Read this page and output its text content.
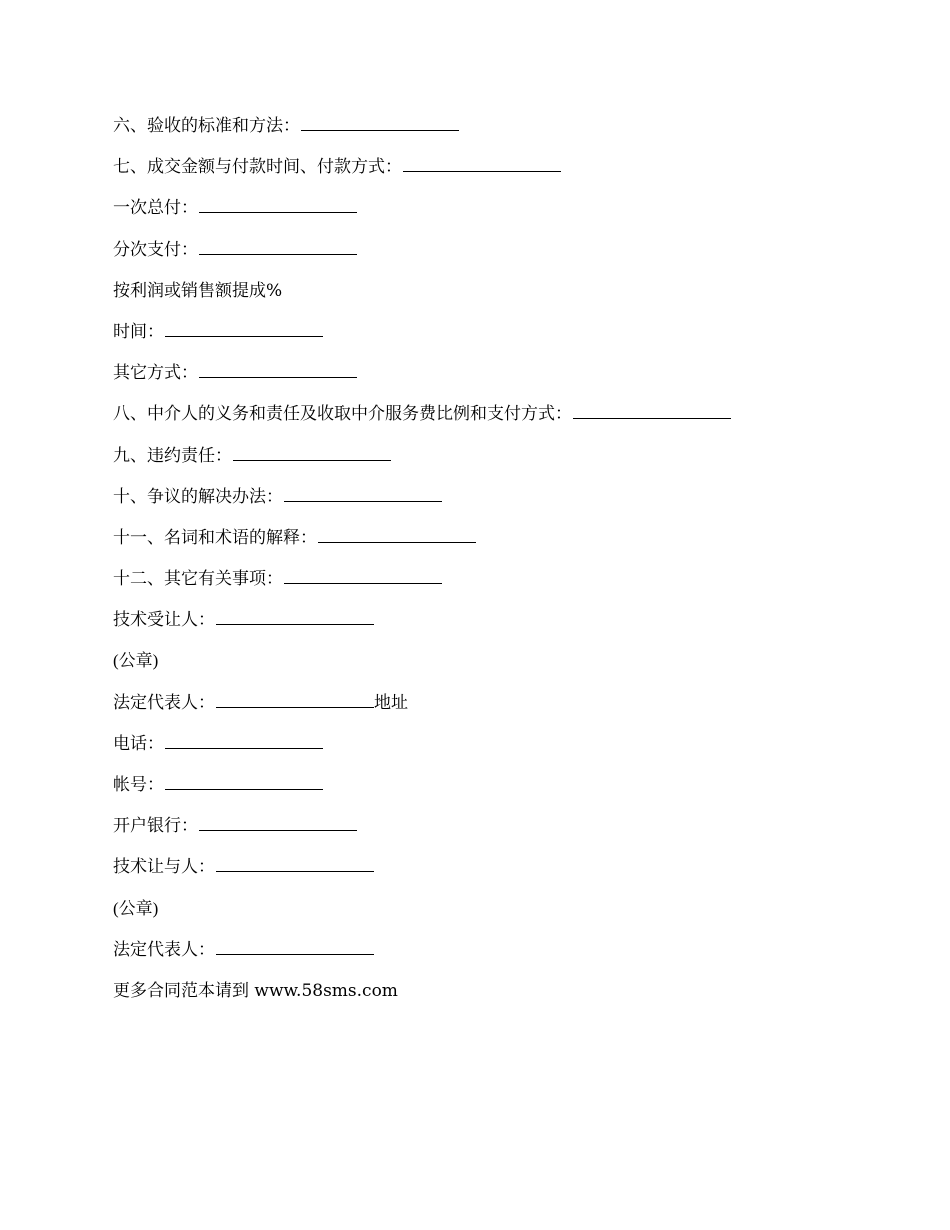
六、验收的标准和方法：
七、成交金额与付款时间、付款方式：
一次总付：
分次支付：
按利润或销售额提成%
时间：
其它方式：
八、中介人的义务和责任及收取中介服务费比例和支付方式：
九、违约责任：
十、争议的解决办法：
十一、名词和术语的解释：
十二、其它有关事项：
技术受让人：
(公章)
法定代表人：	地址
电话：
帐号：
开户银行：
技术让与人：
(公章)
法定代表人：
更多合同范本请到 www.58sms.com
